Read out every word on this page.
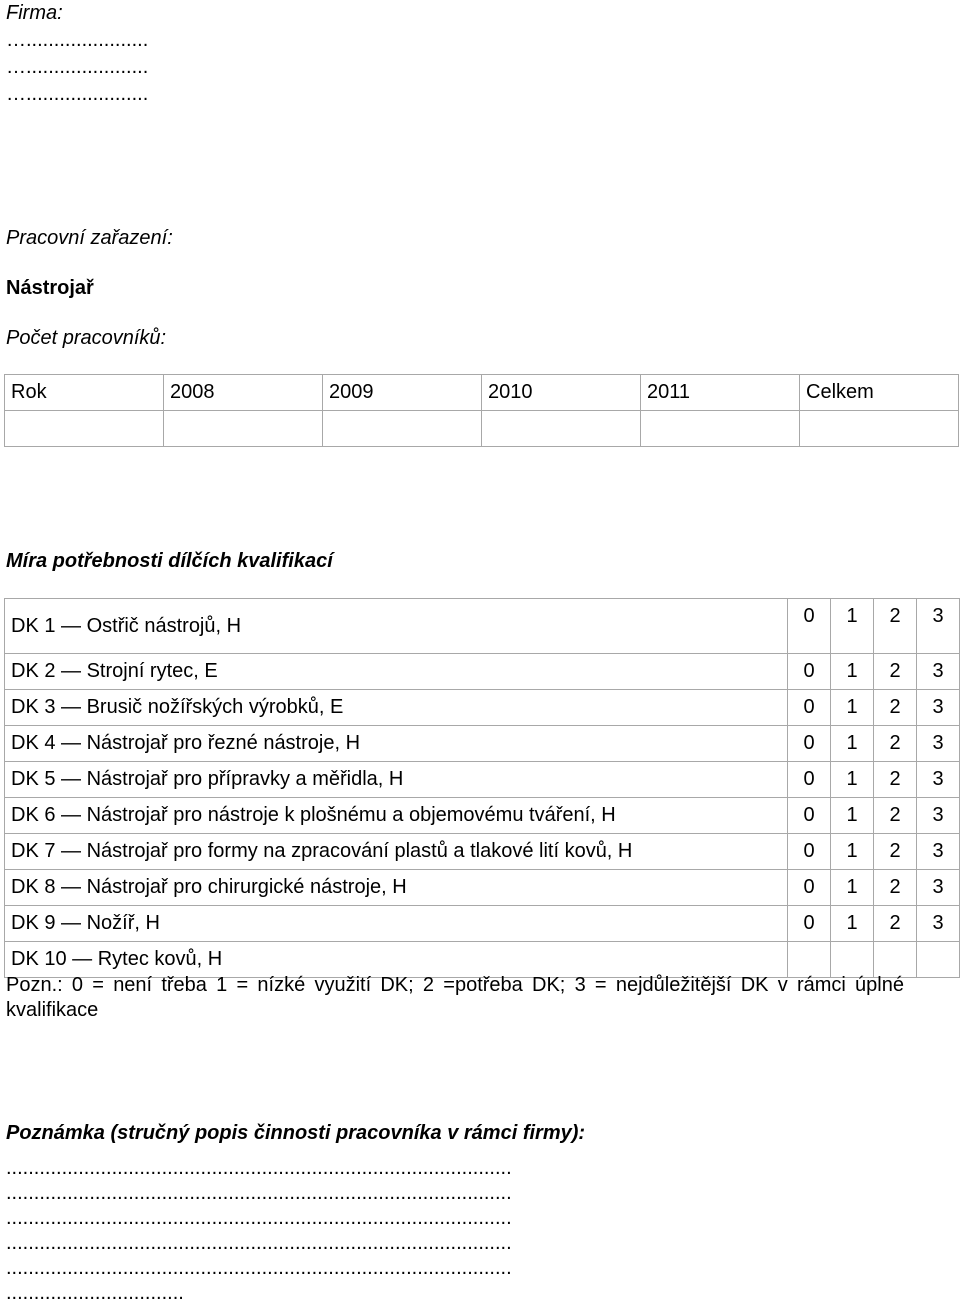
Firma:
…......................
…......................
…......................
Pracovní zařazení:
Nástrojař
Počet pracovníků:
Rok	2008	2009	2010	2011	Celkem

Míra potřebnosti dílčích kvalifikací
DK 1 — Ostřič nástrojů, H	0	1	2	3
DK 2 — Strojní rytec, E	0	1	2	3
DK 3 — Brusič nožířských výrobků, E	0	1	2	3
DK 4 — Nástrojař pro řezné nástroje, H	0	1	2	3
DK 5 — Nástrojař pro přípravky a měřidla, H	0	1	2	3
DK 6 — Nástrojař pro nástroje k plošnému a objemovému tváření, H	0	1	2	3
DK 7 — Nástrojař pro formy na zpracování plastů a tlakové lití kovů, H	0	1	2	3
DK 8 — Nástrojař pro chirurgické nástroje, H	0	1	2	3
DK 9 — Nožíř, H	0	1	2	3
DK 10 — Rytec kovů, H				
Pozn.: 0 = není třeba 1 = nízké využití DK; 2 =potřeba DK; 3 = nejdůležitější DK v rámci úplné kvalifikace
Poznámka (stručný popis činnosti pracovníka v rámci firmy):
...........................................................................................
...........................................................................................
...........................................................................................
...........................................................................................
...........................................................................................
................................
